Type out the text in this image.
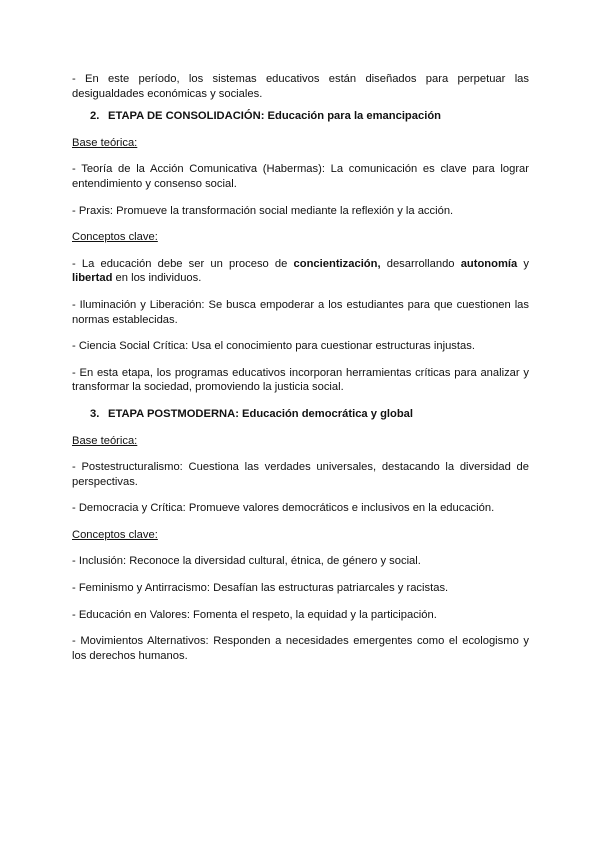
- En este período, los sistemas educativos están diseñados para perpetuar las desigualdades económicas y sociales.

2. ETAPA DE CONSOLIDACIÓN: Educación para la emancipación

Base teórica:

- Teoría de la Acción Comunicativa (Habermas): La comunicación es clave para lograr entendimiento y consenso social.

- Praxis: Promueve la transformación social mediante la reflexión y la acción.

Conceptos clave:

- La educación debe ser un proceso de concientización, desarrollando autonomía y libertad en los individuos.

- Iluminación y Liberación: Se busca empoderar a los estudiantes para que cuestionen las normas establecidas.

- Ciencia Social Crítica: Usa el conocimiento para cuestionar estructuras injustas.

- En esta etapa, los programas educativos incorporan herramientas críticas para analizar y transformar la sociedad, promoviendo la justicia social.

3. ETAPA POSTMODERNA: Educación democrática y global

Base teórica:

- Postestructuralismo: Cuestiona las verdades universales, destacando la diversidad de perspectivas.

- Democracia y Crítica: Promueve valores democráticos e inclusivos en la educación.

Conceptos clave:

- Inclusión: Reconoce la diversidad cultural, étnica, de género y social.

- Feminismo y Antirracismo: Desafían las estructuras patriarcales y racistas.

- Educación en Valores: Fomenta el respeto, la equidad y la participación.

- Movimientos Alternativos: Responden a necesidades emergentes como el ecologismo y los derechos humanos.
